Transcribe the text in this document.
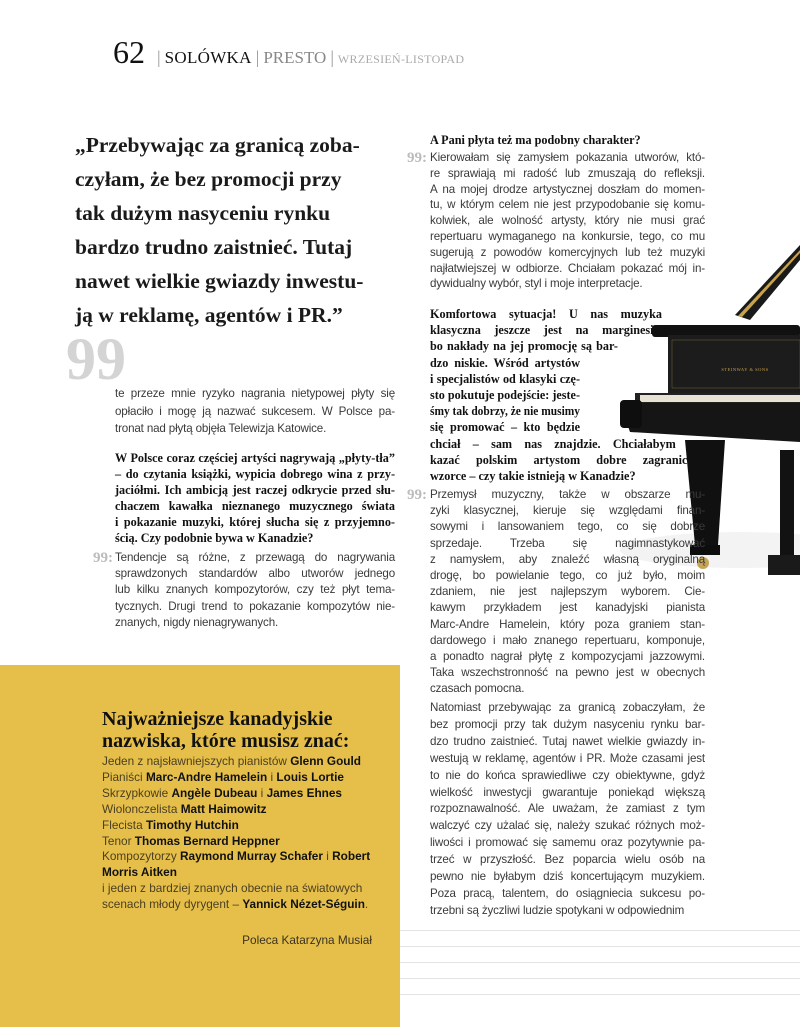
62 | SOLÓWKA | PRESTO | WRZESIEŃ-LISTOPAD
„Przebywając za granicą zoba-
czyłam, że bez promocji przy
tak dużym nasyceniu rynku
bardzo trudno zaistnieć. Tutaj
nawet wielkie gwiazdy inwestu-
ją w reklamę, agentów i PR.”
99
te przeze mnie ryzyko nagrania nietypowej płyty się
opłaciło i mogę ją nazwać sukcesem. W Polsce pa-
tronat nad płytą objęła Telewizja Katowice.
W Polsce coraz częściej artyści nagrywają „płyty-tła”
– do czytania książki, wypicia dobrego wina z przy-
jaciółmi. Ich ambicją jest raczej odkrycie przed słu-
chaczem kawałka nieznanego muzycznego świata
i pokazanie muzyki, której słucha się z przyjemno-
ścią. Czy podobnie bywa w Kanadzie?
99: Tendencje są różne, z przewagą do nagrywania
sprawdzonych standardów albo utworów jednego
lub kilku znanych kompozytorów, czy też płyt tema-
tycznych. Drugi trend to pokazanie kompozytów nie-
znanych, nigdy nienagrywanych.
STEINWAY & SONS
A Pani płyta też ma podobny charakter?
99: Kierowałam się zamysłem pokazania utworów, któ-
re sprawiają mi radość lub zmuszają do refleksji.
A na mojej drodze artystycznej doszłam do momen-
tu, w którym celem nie jest przypodobanie się komu-
kolwiek, ale wolność artysty, który nie musi grać
repertuaru wymaganego na konkursie, tego, co mu
sugerują z powodów komercyjnych lub też muzyki
najłatwiejszej w odbiorze. Chciałam pokazać mój in-
dywidualny wybór, styl i moje interpretacje.
Komfortowa sytuacja! U nas muzyka
klasyczna jeszcze jest na marginesie,
bo nakłady na jej promocję są bar-
dzo niskie. Wśród artystów
i specjalistów od klasyki czę-
sto pokutuje podejście: jeste-
śmy tak dobrzy, że nie musimy
się promować – kto będzie
chciał – sam nas znajdzie. Chciałabym po-
kazać polskim artystom dobre zagraniczne
wzorce – czy takie istnieją w Kanadzie?
99: Przemysł muzyczny, także w obszarze mu-
zyki klasycznej, kieruje się względami finan-
sowymi i lansowaniem tego, co się dobrze
sprzedaje. Trzeba się nagimnastykować
z namysłem, aby znaleźć własną oryginalną
drogę, bo powielanie tego, co już było, moim
zdaniem, nie jest najlepszym wyborem. Cie-
kawym przykładem jest kanadyjski pianista
Marc-Andre Hamelein, który poza graniem stan-
dardowego i mało znanego repertuaru, komponuje,
a ponadto nagrał płytę z kompozycjami jazzowymi.
Taka wszechstronność na pewno jest w obecnych
czasach pomocna.
Natomiast przebywając za granicą zobaczyłam, że
bez promocji przy tak dużym nasyceniu rynku bar-
dzo trudno zaistnieć. Tutaj nawet wielkie gwiazdy in-
westują w reklamę, agentów i PR. Może czasami jest
to nie do końca sprawiedliwe czy obiektywne, gdyż
wielkość inwestycji gwarantuje poniekąd większą
rozpoznawalność. Ale uważam, że zamiast z tym
walczyć czy użalać się, należy szukać różnych moż-
liwości i promować się samemu oraz pozytywnie pa-
trzeć w przyszłość. Bez poparcia wielu osób na
pewno nie byłabym dziś koncertującym muzykiem.
Poza pracą, talentem, do osiągniecia sukcesu po-
trzebni są życzliwi ludzie spotykani w odpowiednim
Najważniejsze kanadyjskie
nazwiska, które musisz znać:
Jeden z najsławniejszych pianistów Glenn Gould
Pianiści Marc-Andre Hamelein i Louis Lortie
Skrzypkowie Angèle Dubeau i James Ehnes
Wiolonczelista Matt Haimowitz
Flecista Timothy Hutchin
Tenor Thomas Bernard Heppner
Kompozytorzy Raymond Murray Schafer i Robert Morris Aitken
i jeden z bardziej znanych obecnie na światowych scenach młody dyrygent – Yannick Nézet-Séguin.
Poleca Katarzyna Musiał
